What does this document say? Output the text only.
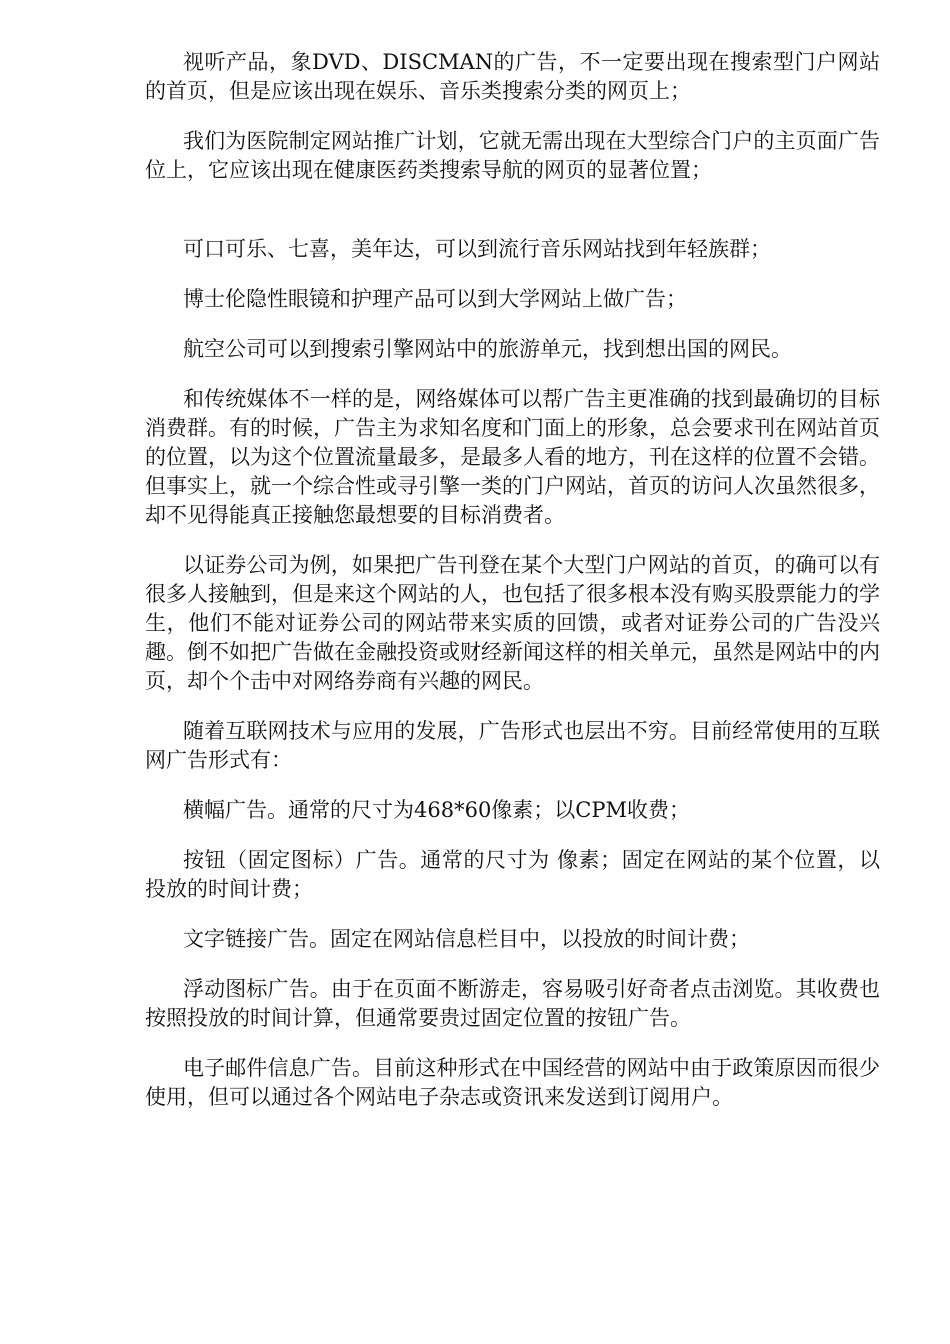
视听产品，象DVD、DISCMAN的广告，不一定要出现在搜索型门户网站的首页，但是应该出现在娱乐、音乐类搜索分类的网页上；

我们为医院制定网站推广计划，它就无需出现在大型综合门户的主页面广告位上，它应该出现在健康医药类搜索导航的网页的显著位置；

可口可乐、七喜，美年达，可以到流行音乐网站找到年轻族群；

博士伦隐性眼镜和护理产品可以到大学网站上做广告；

航空公司可以到搜索引擎网站中的旅游单元，找到想出国的网民。

和传统媒体不一样的是，网络媒体可以帮广告主更准确的找到最确切的目标消费群。有的时候，广告主为求知名度和门面上的形象，总会要求刊在网站首页的位置，以为这个位置流量最多，是最多人看的地方，刊在这样的位置不会错。但事实上，就一个综合性或寻引擎一类的门户网站，首页的访问人次虽然很多，却不见得能真正接触您最想要的目标消费者。

以证券公司为例，如果把广告刊登在某个大型门户网站的首页，的确可以有很多人接触到，但是来这个网站的人，也包括了很多根本没有购买股票能力的学生，他们不能对证券公司的网站带来实质的回馈，或者对证券公司的广告没兴趣。倒不如把广告做在金融投资或财经新闻这样的相关单元，虽然是网站中的内页，却个个击中对网络券商有兴趣的网民。

随着互联网技术与应用的发展，广告形式也层出不穷。目前经常使用的互联网广告形式有：

横幅广告。通常的尺寸为468*60像素；以CPM收费；

按钮（固定图标）广告。通常的尺寸为 像素；固定在网站的某个位置，以投放的时间计费；

文字链接广告。固定在网站信息栏目中，以投放的时间计费；

浮动图标广告。由于在页面不断游走，容易吸引好奇者点击浏览。其收费也按照投放的时间计算，但通常要贵过固定位置的按钮广告。

电子邮件信息广告。目前这种形式在中国经营的网站中由于政策原因而很少使用，但可以通过各个网站电子杂志或资讯来发送到订阅用户。
